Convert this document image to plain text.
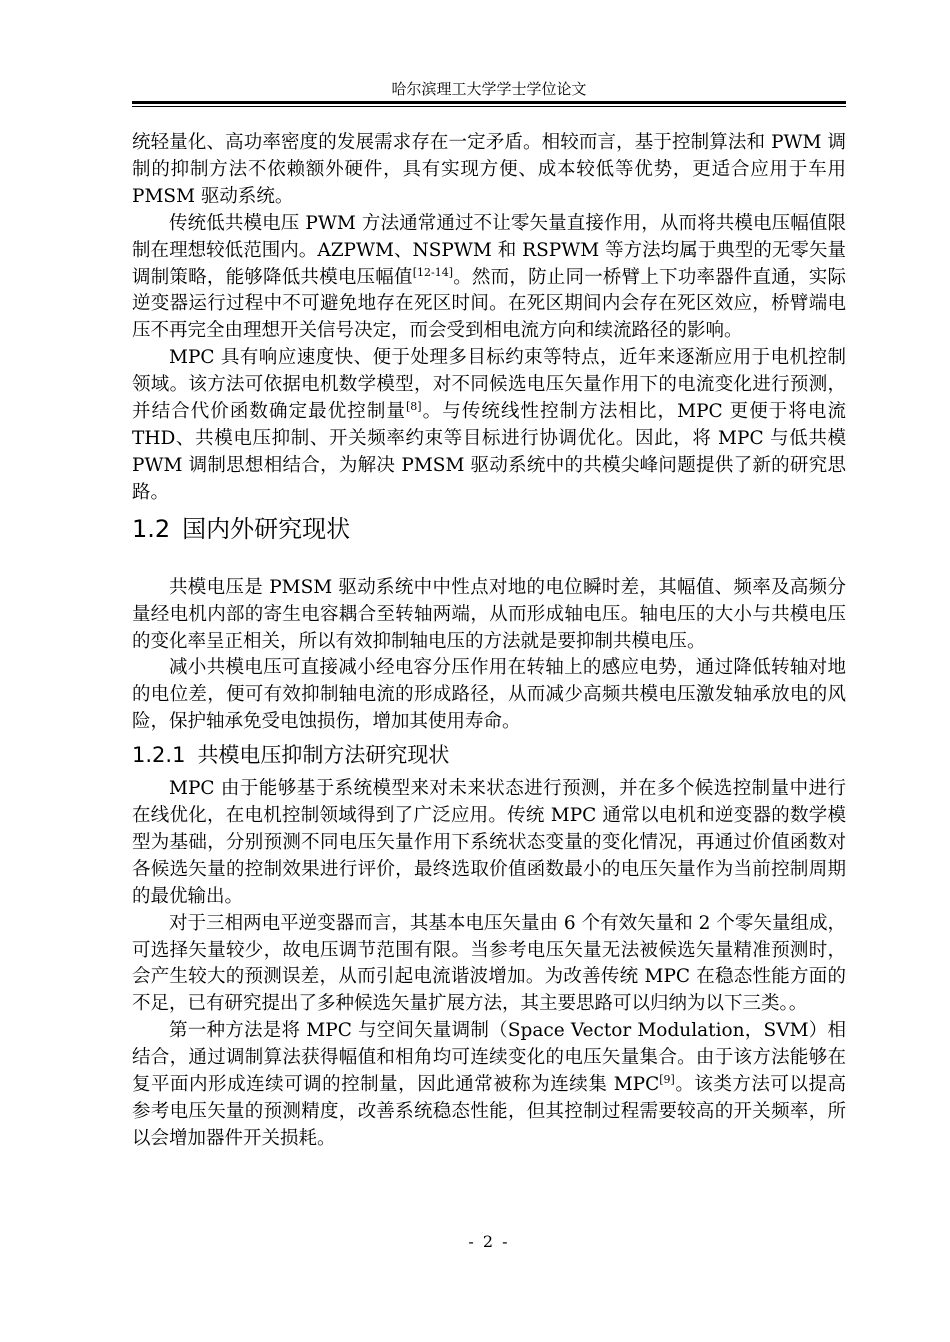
哈尔滨理工大学学士学位论文

统轻量化、高功率密度的发展需求存在一定矛盾。相较而言，基于控制算法和 PWM 调制的抑制方法不依赖额外硬件，具有实现方便、成本较低等优势，更适合应用于车用 PMSM 驱动系统。

传统低共模电压 PWM 方法通常通过不让零矢量直接作用，从而将共模电压幅值限制在理想较低范围内。AZPWM、NSPWM 和 RSPWM 等方法均属于典型的无零矢量调制策略，能够降低共模电压幅值[12-14]。然而，防止同一桥臂上下功率器件直通，实际逆变器运行过程中不可避免地存在死区时间。在死区期间内会存在死区效应，桥臂端电压不再完全由理想开关信号决定，而会受到相电流方向和续流路径的影响。

MPC 具有响应速度快、便于处理多目标约束等特点，近年来逐渐应用于电机控制领域。该方法可依据电机数学模型，对不同候选电压矢量作用下的电流变化进行预测，并结合代价函数确定最优控制量[8]。与传统线性控制方法相比，MPC 更便于将电流 THD、共模电压抑制、开关频率约束等目标进行协调优化。因此，将 MPC 与低共模 PWM 调制思想相结合，为解决 PMSM 驱动系统中的共模尖峰问题提供了新的研究思路。

1.2 国内外研究现状

共模电压是 PMSM 驱动系统中中性点对地的电位瞬时差，其幅值、频率及高频分量经电机内部的寄生电容耦合至转轴两端，从而形成轴电压。轴电压的大小与共模电压的变化率呈正相关，所以有效抑制轴电压的方法就是要抑制共模电压。

减小共模电压可直接减小经电容分压作用在转轴上的感应电势，通过降低转轴对地的电位差，便可有效抑制轴电流的形成路径，从而减少高频共模电压激发轴承放电的风险，保护轴承免受电蚀损伤，增加其使用寿命。

1.2.1 共模电压抑制方法研究现状

MPC 由于能够基于系统模型来对未来状态进行预测，并在多个候选控制量中进行在线优化，在电机控制领域得到了广泛应用。传统 MPC 通常以电机和逆变器的数学模型为基础，分别预测不同电压矢量作用下系统状态变量的变化情况，再通过价值函数对各候选矢量的控制效果进行评价，最终选取价值函数最小的电压矢量作为当前控制周期的最优输出。

对于三相两电平逆变器而言，其基本电压矢量由 6 个有效矢量和 2 个零矢量组成，可选择矢量较少，故电压调节范围有限。当参考电压矢量无法被候选矢量精准预测时，会产生较大的预测误差，从而引起电流谐波增加。为改善传统 MPC 在稳态性能方面的不足，已有研究提出了多种候选矢量扩展方法，其主要思路可以归纳为以下三类。。

第一种方法是将 MPC 与空间矢量调制（Space Vector Modulation，SVM）相结合，通过调制算法获得幅值和相角均可连续变化的电压矢量集合。由于该方法能够在复平面内形成连续可调的控制量，因此通常被称为连续集 MPC[9]。该类方法可以提高参考电压矢量的预测精度，改善系统稳态性能，但其控制过程需要较高的开关频率，所以会增加器件开关损耗。

- 2 -
